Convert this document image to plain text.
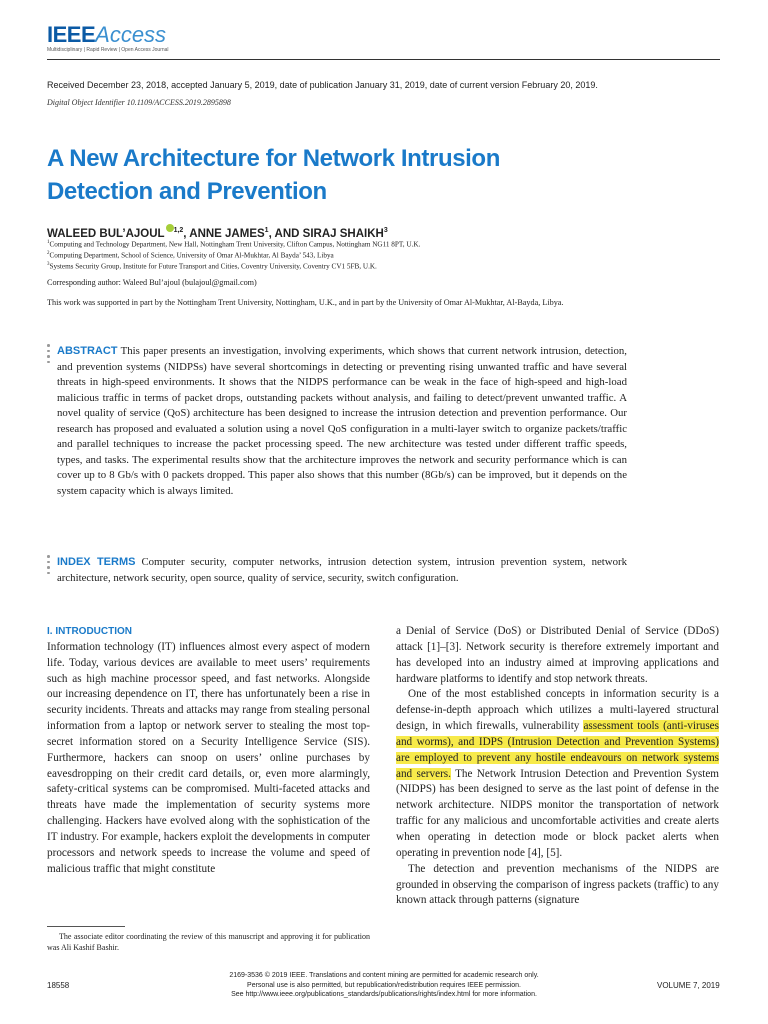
IEEEAccess
Multidisciplinary | Rapid Review | Open Access Journal
Received December 23, 2018, accepted January 5, 2019, date of publication January 31, 2019, date of current version February 20, 2019.
Digital Object Identifier 10.1109/ACCESS.2019.2895898
A New Architecture for Network Intrusion
Detection and Prevention
WALEED BUL’AJOUL $^{1,2}$, ANNE JAMES$^1$, AND SIRAJ SHAIKH$^3$
$^1$Computing and Technology Department, New Hall, Nottingham Trent University, Clifton Campus, Nottingham NG11 8PT, U.K.
$^2$Computing Department, School of Science, University of Omar Al-Mukhtar, Al Bayda’ 543, Libya
$^3$Systems Security Group, Institute for Future Transport and Cities, Coventry University, Coventry CV1 5FB, U.K.
Corresponding author: Waleed Bul’ajoul (bulajoul@gmail.com)
This work was supported in part by the Nottingham Trent University, Nottingham, U.K., and in part by the University of Omar Al-Mukhtar, Al-Bayda, Libya.
ABSTRACT This paper presents an investigation, involving experiments, which shows that current network intrusion, detection, and prevention systems (NIDPSs) have several shortcomings in detecting or preventing rising unwanted traffic and have several threats in high-speed environments. It shows that the NIDPS performance can be weak in the face of high-speed and high-load malicious traffic in terms of packet drops, outstanding packets without analysis, and failing to detect/prevent unwanted traffic. A novel quality of service (QoS) architecture has been designed to increase the intrusion detection and prevention performance. Our research has proposed and evaluated a solution using a novel QoS configuration in a multi-layer switch to organize packets/traffic and parallel techniques to increase the packet processing speed. The new architecture was tested under different traffic speeds, types, and tasks. The experimental results show that the architecture improves the network and security performance which is can cover up to 8 Gb/s with 0 packets dropped. This paper also shows that this number (8Gb/s) can be improved, but it depends on the system capacity which is always limited.
INDEX TERMS Computer security, computer networks, intrusion detection system, intrusion prevention system, network architecture, network security, open source, quality of service, security, switch configuration.
I. INTRODUCTION
Information technology (IT) influences almost every aspect of modern life. Today, various devices are available to meet users’ requirements such as high machine processor speed, and fast networks. Alongside our increasing dependence on IT, there has unfortunately been a rise in security incidents. Threats and attacks may range from stealing personal information from a laptop or network server to stealing the most top-secret information stored on a Security Intelligence Service (SIS). Furthermore, hackers can snoop on users’ online purchases by eavesdropping on their credit card details, or, even more alarmingly, safety-critical systems can be compromised. Multi-faceted attacks and threats have made the implementation of security systems more challenging. Hackers have evolved along with the sophistication of the IT industry. For example, hackers exploit the developments in computer processors and network speeds to increase the volume and speed of malicious traffic that might constitute
a Denial of Service (DoS) or Distributed Denial of Service (DDoS) attack [1]–[3]. Network security is therefore extremely important and has developed into an industry aimed at improving applications and hardware platforms to identify and stop network threats.
One of the most established concepts in information security is a defense-in-depth approach which utilizes a multi-layered structural design, in which firewalls, vulnerability assessment tools (anti-viruses and worms), and IDPS (Intrusion Detection and Prevention Systems) are employed to prevent any hostile endeavours on network systems and servers. The Network Intrusion Detection and Prevention System (NIDPS) has been designed to serve as the last point of defense in the network architecture. NIDPS monitor the transportation of network traffic for any malicious and uncomfortable activities and create alerts when operating in detection mode or block packet alerts when operating in prevention node [4], [5].
The detection and prevention mechanisms of the NIDPS are grounded in observing the comparison of ingress packets (traffic) to any known attack through patterns (signature
The associate editor coordinating the review of this manuscript and approving it for publication was Ali Kashif Bashir.
18558
2169-3536 © 2019 IEEE. Translations and content mining are permitted for academic research only.
Personal use is also permitted, but republication/redistribution requires IEEE permission.
See http://www.ieee.org/publications_standards/publications/rights/index.html for more information.
VOLUME 7, 2019
